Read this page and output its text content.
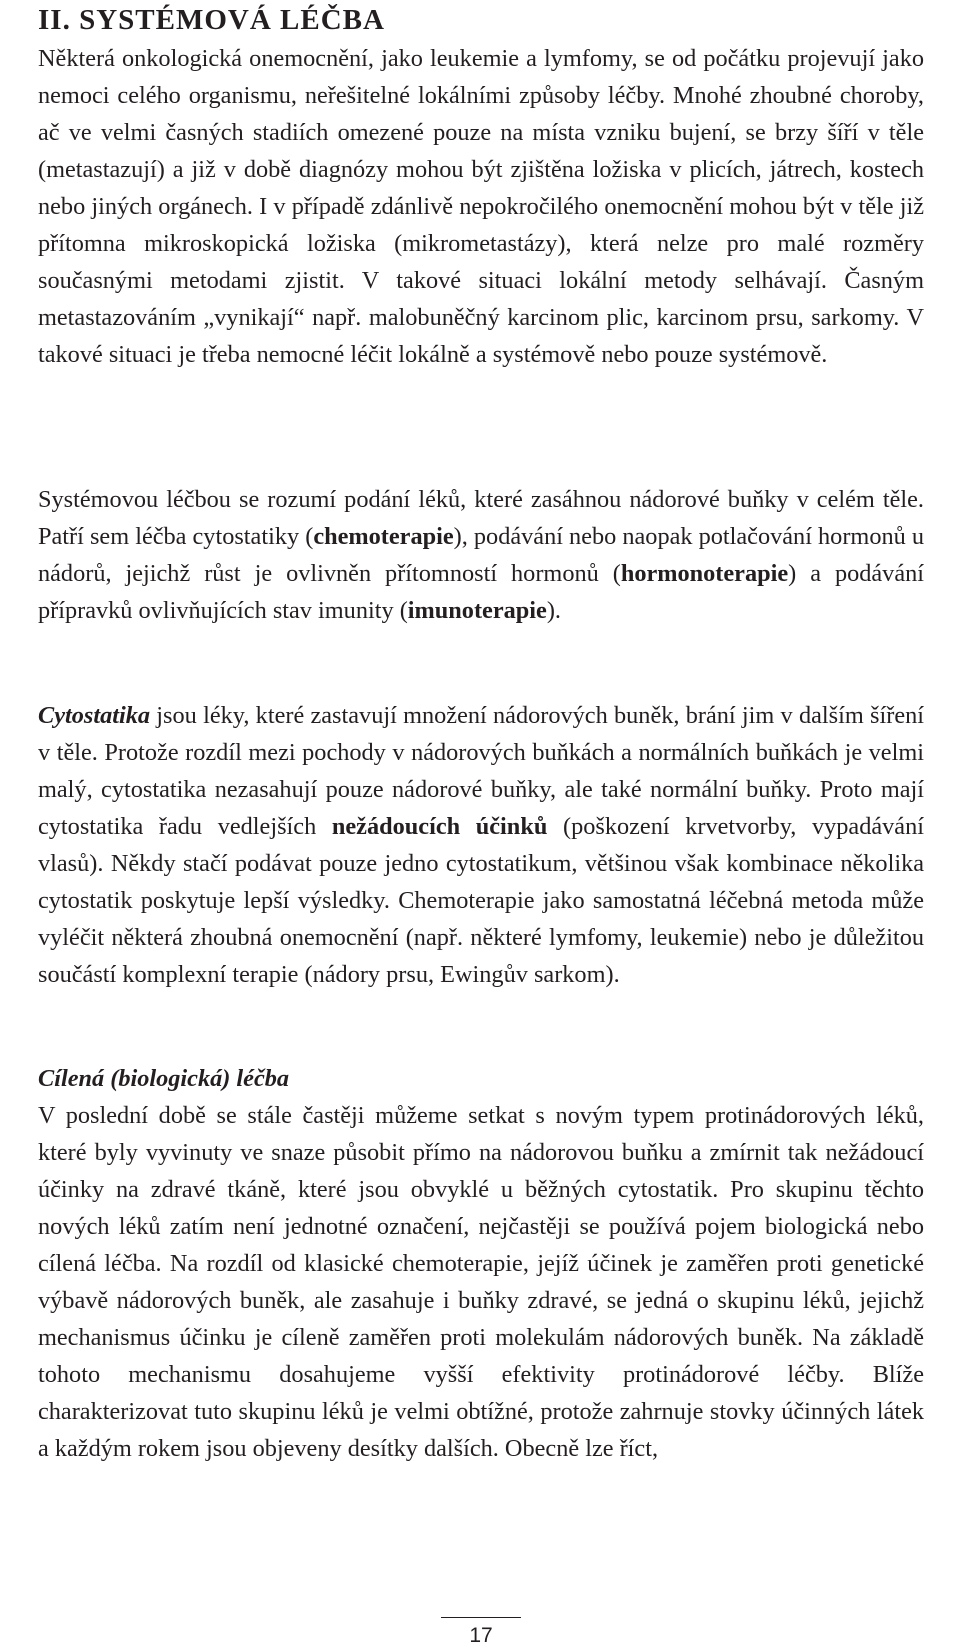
II. SYSTÉMOVÁ LÉČBA

Některá onkologická onemocnění, jako leukemie a lymfomy, se od počátku projevují jako nemoci celého organismu, neřešitelné lokálními způsoby léčby. Mnohé zhoubné choroby, ač ve velmi časných stadiích omezené pouze na místa vzniku bujení, se brzy šíří v těle (metastazují) a již v době diagnózy mohou být zjištěna ložiska v plicích, játrech, kostech nebo jiných orgánech. I v případě zdánlivě nepokročilého onemocnění mohou být v těle již přítomna mikroskopická ložiska (mikrometastázy), která nelze pro malé rozměry současnými metodami zjistit. V takové situaci lokální metody selhávají. Časným metastazováním „vynikají“ např. malobuněčný karcinom plic, karcinom prsu, sarkomy. V takové situaci je třeba nemocné léčit lokálně a systémově nebo pouze systémově.

Systémovou léčbou se rozumí podání léků, které zasáhnou nádorové buňky v celém těle. Patří sem léčba cytostatiky (chemoterapie), podávání nebo naopak potlačování hormonů u nádorů, jejichž růst je ovlivněn přítomností hormonů (hormonoterapie) a podávání přípravků ovlivňujících stav imunity (imunoterapie).

Cytostatika jsou léky, které zastavují množení nádorových buněk, brání jim v dalším šíření v těle. Protože rozdíl mezi pochody v nádorových buňkách a normálních buňkách je velmi malý, cytostatika nezasahují pouze nádorové buňky, ale také normální buňky. Proto mají cytostatika řadu vedlejších nežádoucích účinků (poškození krvetvorby, vypadávání vlasů). Někdy stačí podávat pouze jedno cytostatikum, většinou však kombinace několika cytostatik poskytuje lepší výsledky. Chemoterapie jako samostatná léčebná metoda může vyléčit některá zhoubná onemocnění (např. některé lymfomy, leukemie) nebo je důležitou součástí komplexní terapie (nádory prsu, Ewingův sarkom).

Cílená (biologická) léčba
V poslední době se stále častěji můžeme setkat s novým typem protinádorových léků, které byly vyvinuty ve snaze působit přímo na nádorovou buňku a zmírnit tak nežádoucí účinky na zdravé tkáně, které jsou obvyklé u běžných cytostatik. Pro skupinu těchto nových léků zatím není jednotné označení, nejčastěji se používá pojem biologická nebo cílená léčba. Na rozdíl od klasické chemoterapie, jejíž účinek je zaměřen proti genetické výbavě nádorových buněk, ale zasahuje i buňky zdravé, se jedná o skupinu léků, jejichž mechanismus účinku je cíleně zaměřen proti molekulám nádorových buněk. Na základě tohoto mechanismu dosahujeme vyšší efektivity protinádorové léčby. Blíže charakterizovat tuto skupinu léků je velmi obtížné, protože zahrnuje stovky účinných látek a každým rokem jsou objeveny desítky dalších. Obecně lze říct,

17
